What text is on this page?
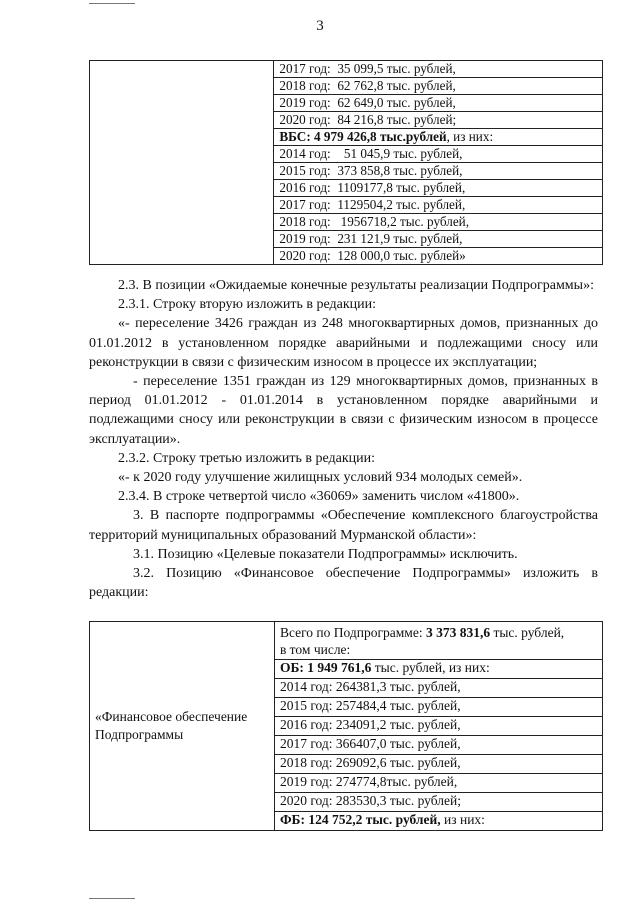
3
	2017 год:  35 099,5 тыс. рублей,
2018 год:  62 762,8 тыс. рублей,
2019 год:  62 649,0 тыс. рублей,
2020 год:  84 216,8 тыс. рублей;
ВБС: 4 979 426,8 тыс.рублей, из них:
2014 год:    51 045,9 тыс. рублей,
2015 год:  373 858,8 тыс. рублей,
2016 год:  1109177,8 тыс. рублей,
2017 год:  1129504,2 тыс. рублей,
2018 год:   1956718,2 тыс. рублей,
2019 год:  231 121,9 тыс. рублей,
2020 год:  128 000,0 тыс. рублей»

2.3. В позиции «Ожидаемые конечные результаты реализации Подпрограммы»:

2.3.1. Строку вторую изложить в редакции:

«- переселение 3426 граждан из 248 многоквартирных домов, признанных до 01.01.2012 в установленном порядке аварийными и подлежащими сносу или реконструкции в связи с физическим износом в процессе их эксплуатации;

- переселение 1351 граждан из 129 многоквартирных домов, признанных в период 01.01.2012 - 01.01.2014 в установленном порядке аварийными и подлежащими сносу или реконструкции в связи с физическим износом в процессе эксплуатации».

2.3.2. Строку третью изложить в редакции:

«- к 2020 году улучшение жилищных условий 934 молодых семей».

2.3.4. В строке четвертой число «36069» заменить числом «41800».

3. В паспорте подпрограммы «Обеспечение комплексного благоустройства территорий муниципальных образований Мурманской области»:

3.1. Позицию «Целевые показатели Подпрограммы» исключить.

3.2. Позицию «Финансовое обеспечение Подпрограммы» изложить в редакции:

«Финансовое обеспечение Подпрограммы
	Всего по Подпрограмме: 3 373 831,6 тыс. рублей,
в том числе:
ОБ: 1 949 761,6 тыс. рублей, из них:
2014 год: 264381,3 тыс. рублей,
2015 год: 257484,4 тыс. рублей,
2016 год: 234091,2 тыс. рублей,
2017 год: 366407,0 тыс. рублей,
2018 год: 269092,6 тыс. рублей,
2019 год: 274774,8тыс. рублей,
2020 год: 283530,3 тыс. рублей;
ФБ: 124 752,2 тыс. рублей, из них:
